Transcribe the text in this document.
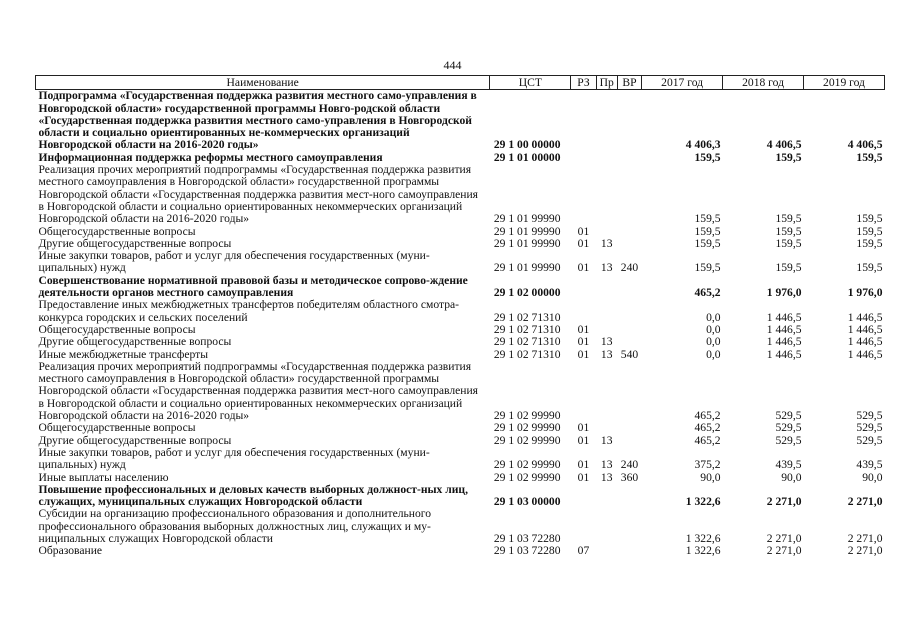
444
Наименование	ЦСТ	РЗ	Пр	ВР	2017 год	2018 год	2019 год
Подпрограмма «Государственная поддержка развития местного само-управления в Новгородской области» государственной программы Новго-родской области «Государственная поддержка развития местного само-управления в Новгородской области и социально ориентированных не-коммерческих организаций Новгородской области на 2016-2020 годы»	29 1 00 00000				4 406,3	4 406,5	4 406,5
Информационная поддержка реформы местного самоуправления	29 1 01 00000				159,5	159,5	159,5
Реализация прочих мероприятий подпрограммы «Государственная поддержка развития местного самоуправления в Новгородской области» государственной программы Новгородской области «Государственная поддержка развития мест-ного самоуправления в Новгородской области и социально ориентированных некоммерческих организаций Новгородской области на 2016-2020 годы»	29 1 01 99990				159,5	159,5	159,5
Общегосударственные вопросы	29 1 01 99990	01			159,5	159,5	159,5
Другие общегосударственные вопросы	29 1 01 99990	01	13		159,5	159,5	159,5
Иные закупки товаров, работ и услуг для обеспечения государственных (муни-ципальных) нужд	29 1 01 99990	01	13	240	159,5	159,5	159,5
Совершенствование нормативной правовой базы и методическое сопрово-ждение деятельности органов местного самоуправления	29 1 02 00000				465,2	1 976,0	1 976,0
Предоставление иных межбюджетных трансфертов победителям областного смотра-конкурса городских и сельских поселений	29 1 02 71310				0,0	1 446,5	1 446,5
Общегосударственные вопросы	29 1 02 71310	01			0,0	1 446,5	1 446,5
Другие общегосударственные вопросы	29 1 02 71310	01	13		0,0	1 446,5	1 446,5
Иные межбюджетные трансферты	29 1 02 71310	01	13	540	0,0	1 446,5	1 446,5
Реализация прочих мероприятий подпрограммы «Государственная поддержка развития местного самоуправления в Новгородской области» государственной программы Новгородской области «Государственная поддержка развития мест-ного самоуправления в Новгородской области и социально ориентированных некоммерческих организаций Новгородской области на 2016-2020 годы»	29 1 02 99990				465,2	529,5	529,5
Общегосударственные вопросы	29 1 02 99990	01			465,2	529,5	529,5
Другие общегосударственные вопросы	29 1 02 99990	01	13		465,2	529,5	529,5
Иные закупки товаров, работ и услуг для обеспечения государственных (муни-ципальных) нужд	29 1 02 99990	01	13	240	375,2	439,5	439,5
Иные выплаты населению	29 1 02 99990	01	13	360	90,0	90,0	90,0
Повышение профессиональных и деловых качеств выборных должност-ных лиц, служащих, муниципальных служащих Новгородской области	29 1 03 00000				1 322,6	2 271,0	2 271,0
Субсидии на организацию профессионального образования и дополнительного профессионального образования выборных должностных лиц, служащих и му-ниципальных служащих Новгородской области	29 1 03 72280				1 322,6	2 271,0	2 271,0
Образование	29 1 03 72280	07			1 322,6	2 271,0	2 271,0
